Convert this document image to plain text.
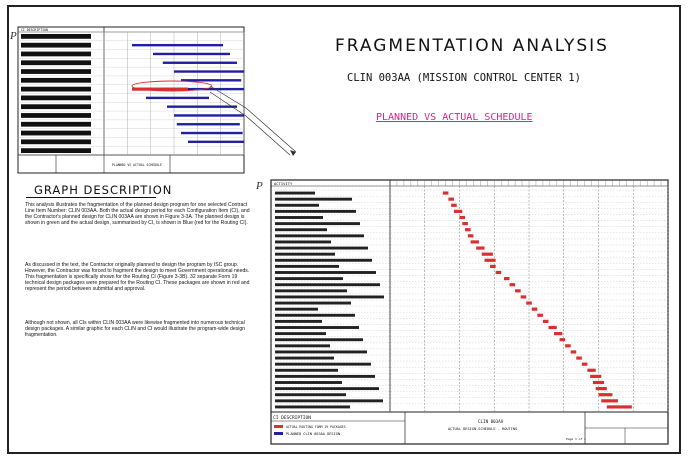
P
P
FRAGMENTATION ANALYSIS
CLIN 003AA (MISSION CONTROL CENTER 1)
PLANNED VS ACTUAL SCHEDULE
GRAPH DESCRIPTION

This analysis illustrates the fragmentation of the planned design program for one selected Contract Line Item Number: CLIN 003AA. Both the actual design period for each Configuration Item (CI), and the Contractor's planned design for CLIN 003AA are shown in Figure 3-3A. The planned design is shown in green and the actual design, summarized by CI, is shown in Blue (red for the Routing CI).

As discussed in the text, the Contractor originally planned to design the program by ISC group. However, the Contractor was forced to fragment the design to meet Government operational needs. This fragmentation is specifically shown for the Routing CI (Figure 3-3B). 32 separate Form 19 technical design packages were prepared for the Routing CI. These packages are shown in red and represent the period between submittal and approval.

Although not shown, all CIs within CLIN 003AA were likewise fragmented into numerous technical design packages. A similar graphic for each CLIN and CI would illustrate the program-wide design fragmentation.

CI DESCRIPTION
PLANNED VS ACTUAL SCHEDULE
ACTIVITY
CI DESCRIPTION
ACTUAL ROUTING FORM 19 PACKAGES
PLANNED CLIN 003AA DESIGN
CLIN 003AA
ACTUAL DESIGN SCHEDULE - ROUTING
Page 1 of 1
